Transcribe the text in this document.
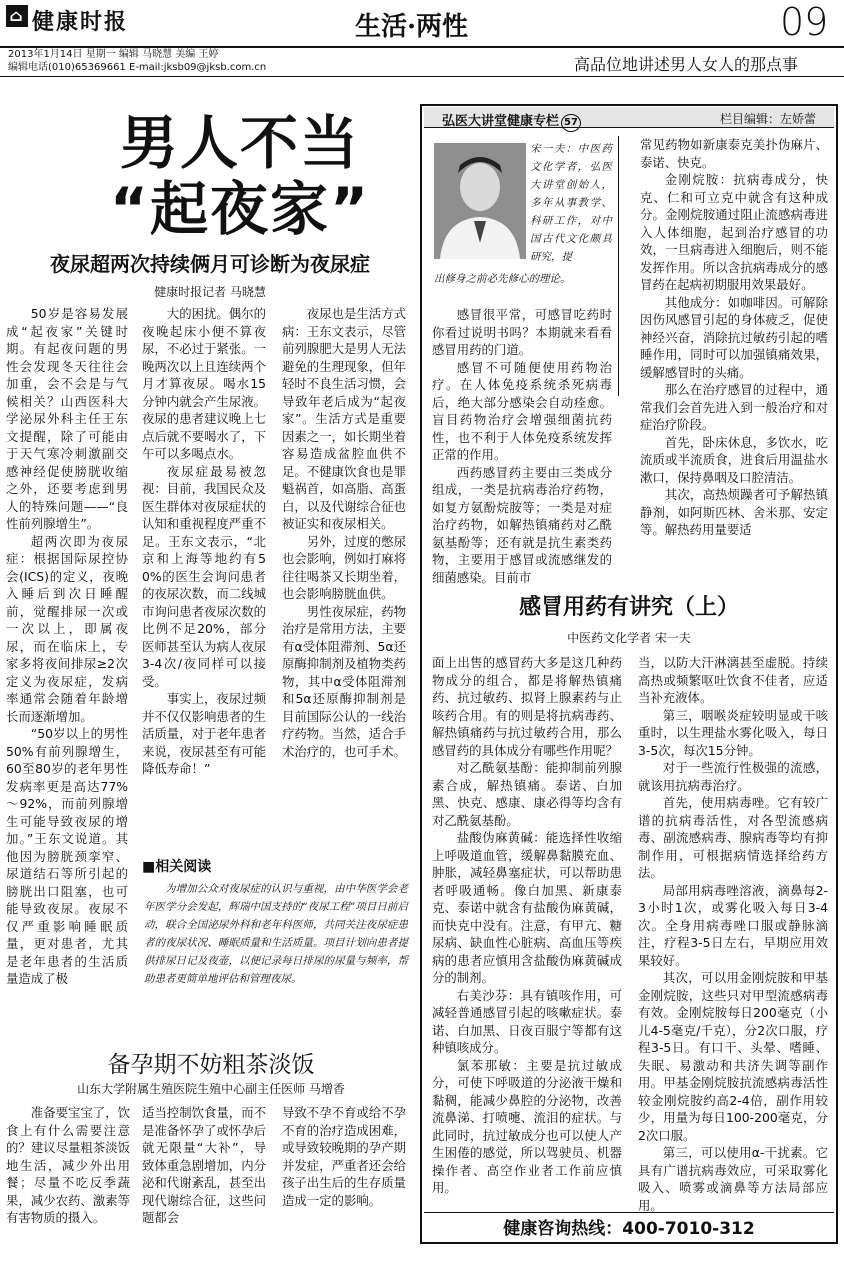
⌂ 健康时报	生活·两性	09
2013年1月14日 星期一 编辑 马晓慧 美编 王婷
编辑电话(010)65369661 E-mail:jksb09@jksb.com.cn	高品位地讲述男人女人的那点事
男人不当
“起夜家”
夜尿超两次持续俩月可诊断为夜尿症
健康时报记者 马晓慧

50岁是容易发展成“起夜家”关键时期。有起夜问题的男性会发现冬天往往会加重，会不会是与气候相关？山西医科大学泌尿外科主任王东文提醒，除了可能由于天气寒冷刺激副交感神经促使膀胱收缩之外，还要考虑到男人的特殊问题——“良性前列腺增生”。

超两次即为夜尿症：根据国际尿控协会(ICS)的定义，夜晚入睡后到次日睡醒前，觉醒排尿一次或一次以上，即属夜尿，而在临床上，专家多将夜间排尿≥2次定义为夜尿症，发病率通常会随着年龄增长而逐渐增加。

“50岁以上的男性50%有前列腺增生，60至80岁的老年男性发病率更是高达77%～92%，而前列腺增生可能导致夜尿的增加。”王东文说道。其他因为膀胱颈挛窄、尿道结石等所引起的膀胱出口阻塞，也可能导致夜尿。夜尿不仅严重影响睡眠质量，更对患者，尤其是老年患者的生活质量造成了极

大的困扰。偶尔的夜晚起床小便不算夜尿，不必过于紧张。一晚两次以上且连续两个月才算夜尿。喝水15分钟内就会产生尿液。夜尿的患者建议晚上七点后就不要喝水了，下午可以多喝点水。

夜尿症最易被忽视：目前，我国民众及医生群体对夜尿症状的认知和重视程度严重不足。王东文表示，“北京和上海等地约有50%的医生会询问患者的夜尿次数，而二线城市询问患者夜尿次数的比例不足20%，部分医师甚至认为病人夜尿3-4次/夜同样可以接受。

事实上，夜尿过频并不仅仅影响患者的生活质量，对于老年患者来说，夜尿甚至有可能降低寿命！”

夜尿也是生活方式病：王东文表示，尽管前列腺肥大是男人无法避免的生理现象，但年轻时不良生活习惯，会导致年老后成为“起夜家”。生活方式是重要因素之一，如长期坐着容易造成盆腔血供不足。不健康饮食也是罪魁祸首，如高脂、高蛋白，以及代谢综合征也被证实和夜尿相关。

另外，过度的憋尿也会影响，例如打麻将往往喝茶又长期坐着，也会影响膀胱血供。

男性夜尿症，药物治疗是常用方法，主要有α受体阻滞剂、5α还原酶抑制剂及植物类药物，其中α受体阻滞剂和5α还原酶抑制剂是目前国际公认的一线治疗药物。当然，适合手术治疗的，也可手术。

■相关阅读

为增加公众对夜尿症的认识与重视，由中华医学会老年医学分会发起，辉瑞中国支持的“夜尿工程”项目日前启动，联合全国泌尿外科和老年科医师，共同关注夜尿症患者的夜尿状况、睡眠质量和生活质量。项目计划向患者提供排尿日记及夜壶，以便记录每日排尿的尿量与频率，帮助患者更简单地评估和管理夜尿。

备孕期不妨粗茶淡饭
山东大学附属生殖医院生殖中心副主任医师 马增香

准备要宝宝了，饮食上有什么需要注意的？建议尽量粗茶淡饭地生活，减少外出用餐；尽量不吃反季蔬果，减少农药、激素等有害物质的摄入。

适当控制饮食量，而不是准备怀孕了或怀孕后就无限量“大补”，导致体重急剧增加，内分泌和代谢紊乱，甚至出现代谢综合征，这些问题都会

导致不孕不育或给不孕不育的治疗造成困难，或导致较晚期的孕产期并发症，严重者还会给孩子出生后的生存质量造成一定的影响。

弘医大讲堂健康专栏 57	栏目编辑：左娇蕾
宋一夫：中医药文化学者，弘医大讲堂创始人，多年从事教学、科研工作，对中国古代文化颇具研究，提
出修身之前必先修心的理论。

感冒很平常，可感冒吃药时你看过说明书吗？本期就来看看感冒用药的门道。

感冒不可随便使用药物治疗。在人体免疫系统杀死病毒后，绝大部分感染会自动痊愈。盲目药物治疗会增强细菌抗药性，也不利于人体免疫系统发挥正常的作用。

西药感冒药主要由三类成分组成，一类是抗病毒治疗药物，如复方氨酚烷胺等；一类是对症治疗药物，如解热镇痛药对乙酰氨基酚等；还有就是抗生素类药物，主要用于感冒或流感继发的细菌感染。目前市

常见药物如新康泰克美扑伪麻片、泰诺、快克。

金刚烷胺：抗病毒成分，快克、仁和可立克中就含有这种成分。金刚烷胺通过阻止流感病毒进入人体细胞，起到治疗感冒的功效，一旦病毒进入细胞后，则不能发挥作用。所以含抗病毒成分的感冒药在起病初期服用效果最好。

其他成分：如咖啡因。可解除因伤风感冒引起的身体疲乏，促使神经兴奋，消除抗过敏药引起的嗜睡作用，同时可以加强镇痛效果，缓解感冒时的头痛。

那么在治疗感冒的过程中，通常我们会首先进入到一般治疗和对症治疗阶段。

首先，卧床休息，多饮水，吃流质或半流质食，进食后用温盐水漱口，保持鼻咽及口腔清洁。

其次，高热烦躁者可予解热镇静剂，如阿斯匹林、舍米那、安定等。解热药用量要适

感冒用药有讲究（上）
中医药文化学者 宋一夫

面上出售的感冒药大多是这几种药物成分的组合，都是将解热镇痛药、抗过敏药、拟肾上腺素药与止咳药合用。有的则是将抗病毒药、解热镇痛药与抗过敏药合用，那么感冒药的具体成分有哪些作用呢？

对乙酰氨基酚：能抑制前列腺素合成，解热镇痛。泰诺、白加黑、快克、感康、康必得等均含有对乙酰氨基酚。

盐酸伪麻黄碱：能选择性收缩上呼吸道血管，缓解鼻黏膜充血、肿胀，减轻鼻塞症状，可以帮助患者呼吸通畅。像白加黑、新康泰克、泰诺中就含有盐酸伪麻黄碱，而快克中没有。注意，有甲亢、糖尿病、缺血性心脏病、高血压等疾病的患者应慎用含盐酸伪麻黄碱成分的制剂。

右美沙芬：具有镇咳作用，可减轻普通感冒引起的咳嗽症状。泰诺、白加黑、日夜百服宁等都有这种镇咳成分。

氯苯那敏：主要是抗过敏成分，可使下呼吸道的分泌液干燥和黏稠，能减少鼻腔的分泌物，改善流鼻涕、打喷嚏、流泪的症状。与此同时，抗过敏成分也可以使人产生困倦的感觉，所以驾驶员、机器操作者、高空作业者工作前应慎用。

当，以防大汗淋漓甚至虚脱。持续高热或频繁呕吐饮食不佳者，应适当补充液体。

第三，咽喉炎症较明显或干咳重时，以生理盐水雾化吸入，每日3-5次，每次15分钟。

对于一些流行性极强的流感，就该用抗病毒治疗。

首先，使用病毒唑。它有较广谱的抗病毒活性，对各型流感病毒、副流感病毒、腺病毒等均有抑制作用，可根据病情选择给药方法。

局部用病毒唑溶液，滴鼻每2-3小时1次，或雾化吸入每日3-4次。全身用病毒唑口服或静脉滴注，疗程3-5日左右，早期应用效果较好。

其次，可以用金刚烷胺和甲基金刚烷胺，这些只对甲型流感病毒有效。金刚烷胺每日200毫克（小儿4-5毫克/千克），分2次口服，疗程3-5日。有口干、头晕、嗜睡、失眠、易激动和共济失调等副作用。甲基金刚烷胺抗流感病毒活性较金刚烷胺约高2-4倍，副作用较少，用量为每日100-200毫克，分2次口服。

第三，可以使用α-干扰素。它具有广谱抗病毒效应，可采取雾化吸入、喷雾或滴鼻等方法局部应用。

健康咨询热线：400-7010-312
